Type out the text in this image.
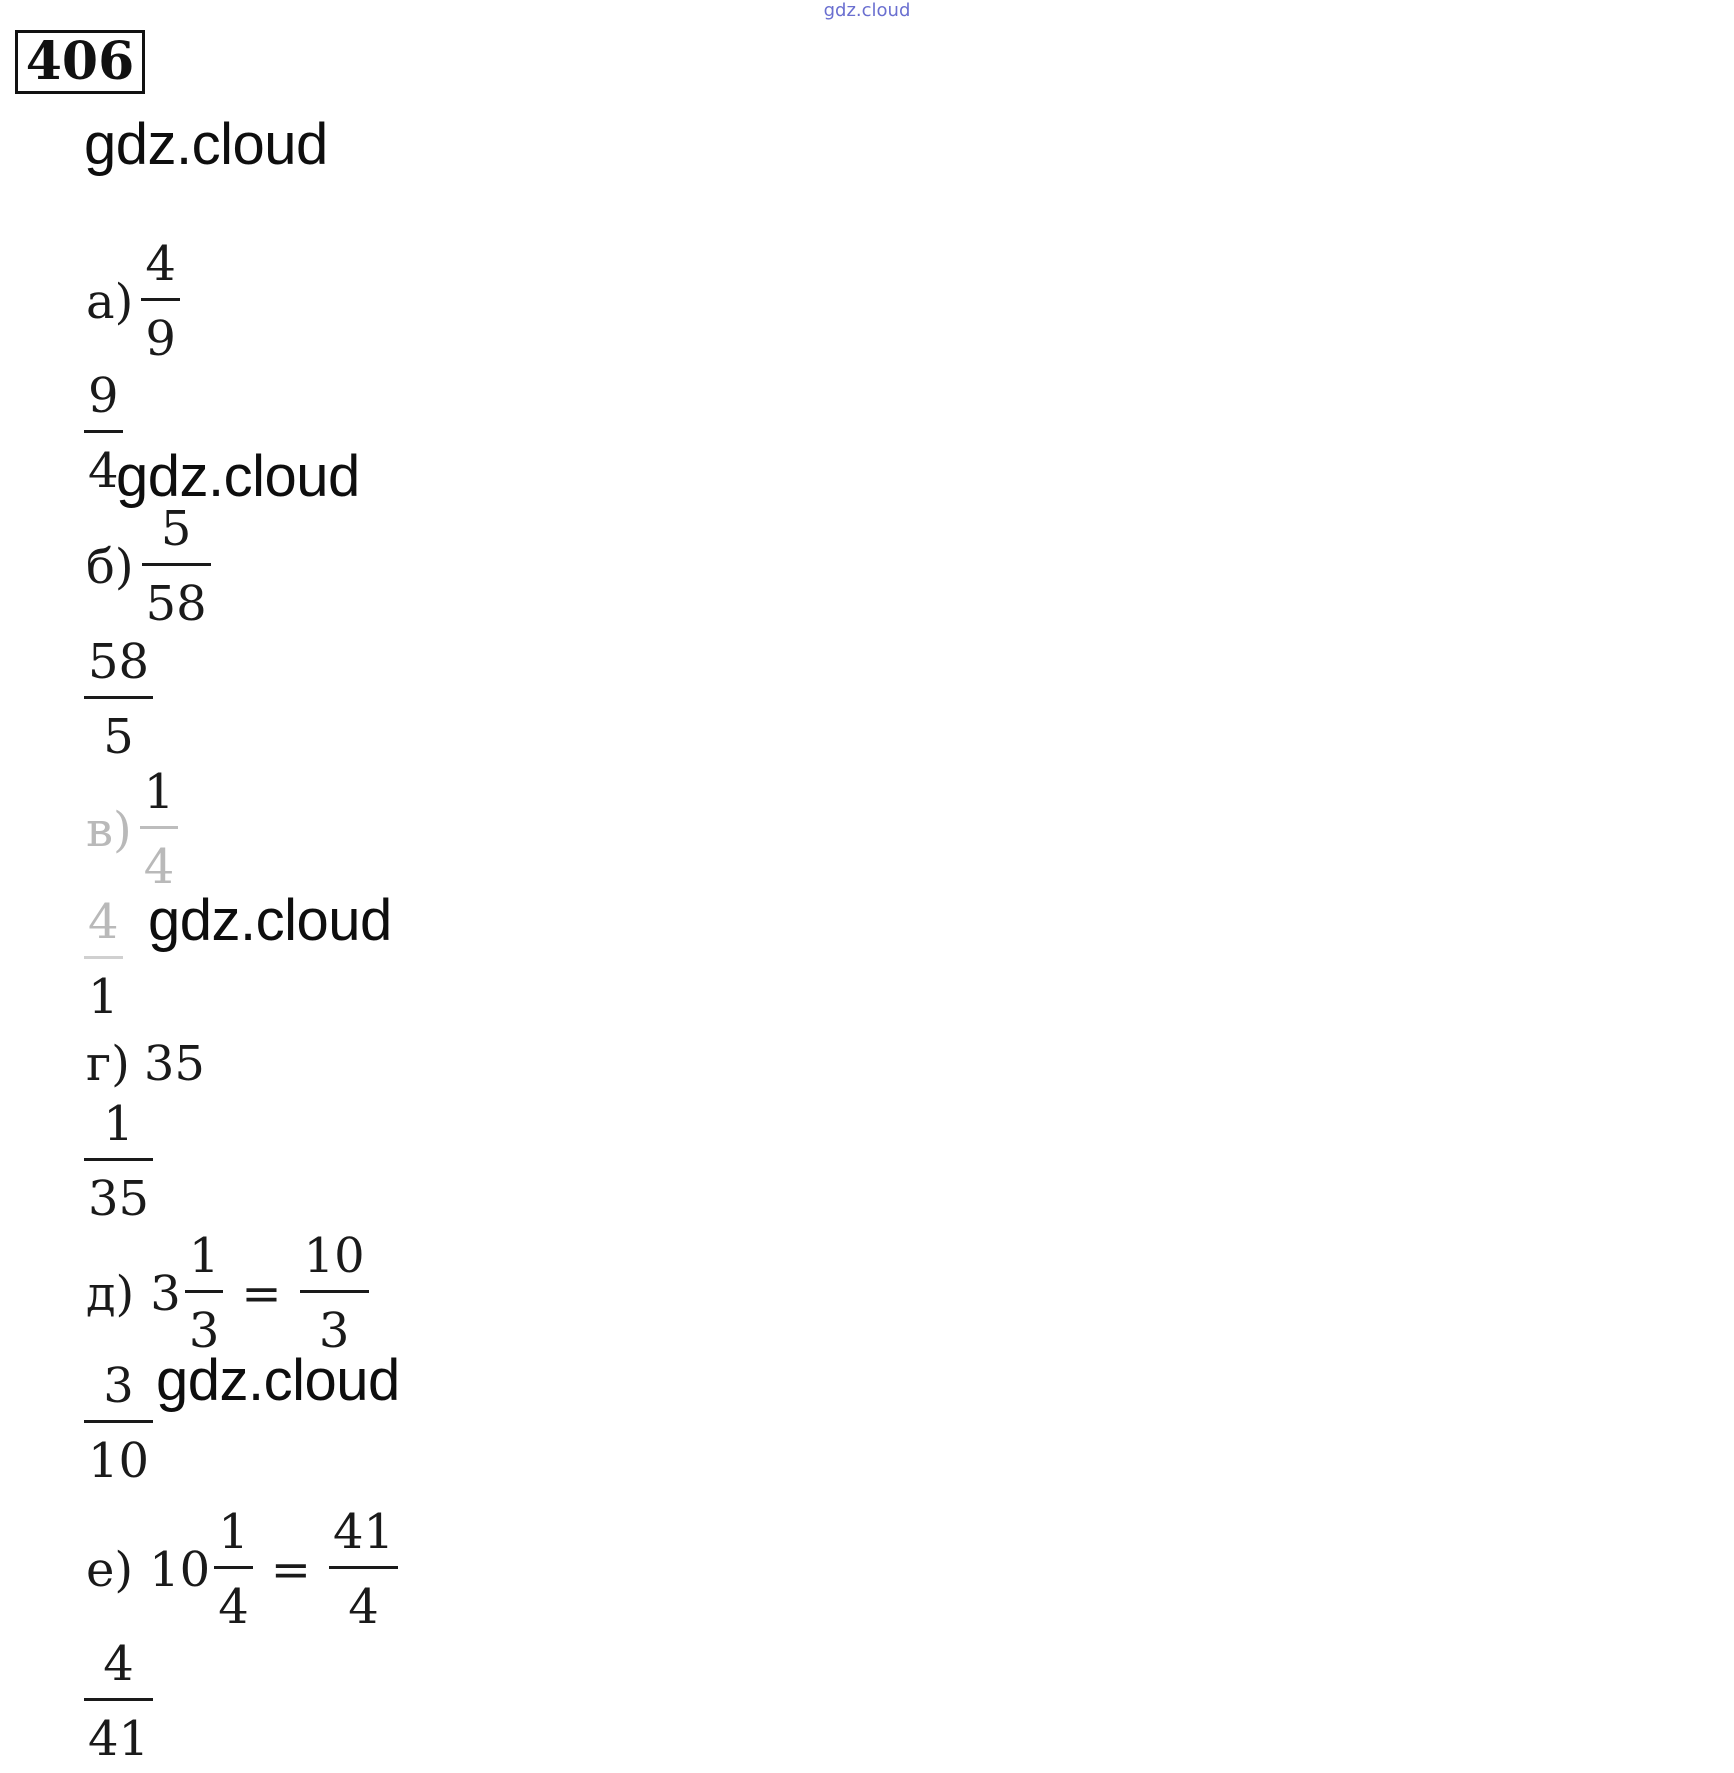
gdz.cloud
406
gdz.cloud
gdz.cloud
gdz.cloud
gdz.cloud
$а) \frac{4}{9}$
$\frac{9}{4}$
$б) \frac{5}{58}$
$\frac{58}{5}$
$в) \frac{1}{4}$
$\frac{4}{1}$
г) 35
$\frac{1}{35}$
д) $3 \frac{1}{3} = \frac{10}{3}$
$\frac{3}{10}$
е) $10 \frac{1}{4} = \frac{41}{4}$
$\frac{4}{41}$
